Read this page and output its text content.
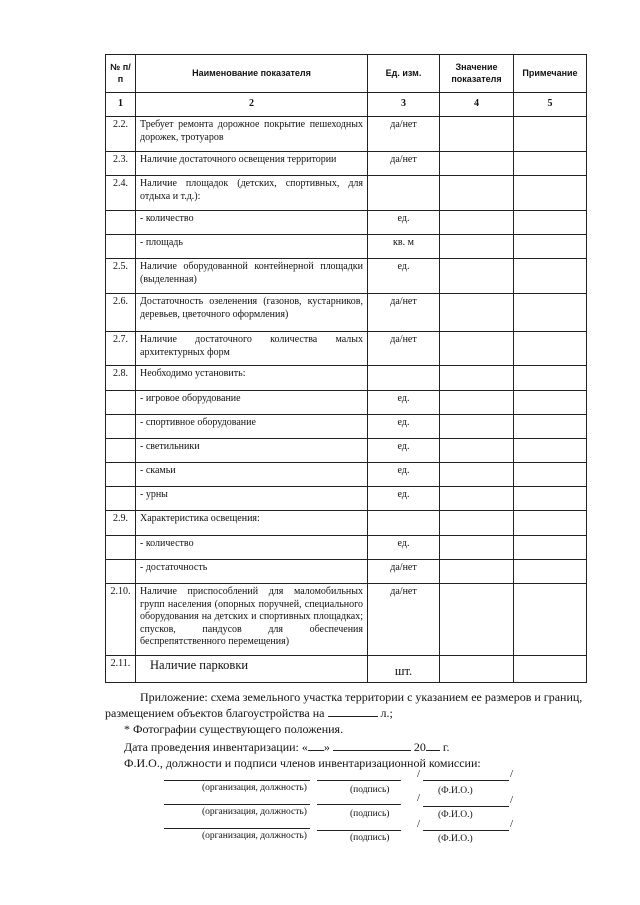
№ п/п	Наименование показателя	Ед. изм.	Значение показателя	Примечание
1	2	3	4	5
2.2.	Требует ремонта дорожное покрытие пешеходных дорожек, тротуаров	да/нет		
2.3.	Наличие достаточного освещения территории	да/нет		
2.4.	Наличие площадок (детских, спортивных, для отдыха и т.д.):			
	- количество	ед.		
	- площадь	кв. м		
2.5.	Наличие оборудованной контейнерной площадки (выделенная)	ед.		
2.6.	Достаточность озеленения (газонов, кустарников, деревьев, цветочного оформления)	да/нет		
2.7.	Наличие достаточного количества малых архитектурных форм	да/нет		
2.8.	Необходимо установить:			
	- игровое оборудование	ед.		
	- спортивное оборудование	ед.		
	- светильники	ед.		
	- скамьи	ед.		
	- урны	ед.		
2.9.	Характеристика освещения:			
	- количество	ед.		
	- достаточность	да/нет		
2.10.	Наличие приспособлений для маломобильных групп населения (опорных поручней, специального оборудования на детских и спортивных площадках; спусков, пандусов для обеспечения беспрепятственного перемещения)	да/нет		
2.11.	Наличие парковки	шт.		
Приложение: схема земельного участка территории с указанием ее размеров и границ,
размещением объектов благоустройства на	л.;
* Фотографии существующего положения.
Дата проведения инвентаризации: « »	20 г.
Ф.И.О., должности и подписи членов инвентаризационной комиссии:
/	/
(организация, должность)	(подпись)	(Ф.И.О.)
/	/
(организация, должность)	(подпись)	(Ф.И.О.)
/	/
(организация, должность)	(подпись)	(Ф.И.О.)
